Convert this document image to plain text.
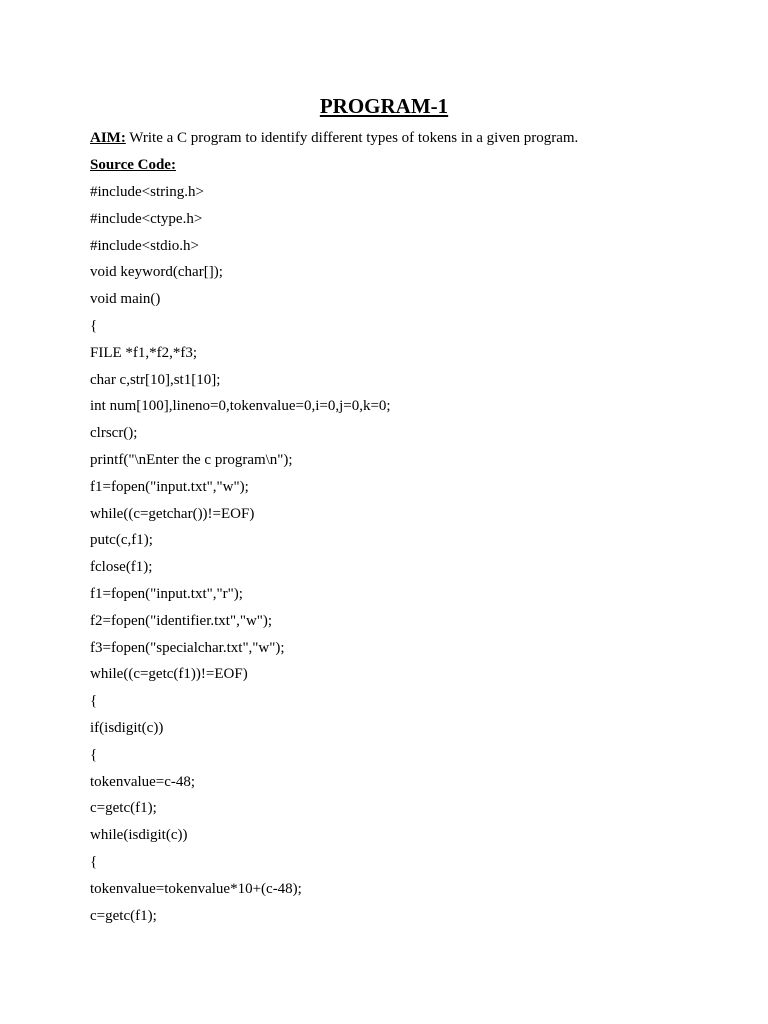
PROGRAM-1
AIM: Write a C program to identify different types of tokens in a given program.
Source Code:
#include<string.h>
#include<ctype.h>
#include<stdio.h>
void keyword(char[]);
void main()
{
FILE *f1,*f2,*f3;
char c,str[10],st1[10];
int num[100],lineno=0,tokenvalue=0,i=0,j=0,k=0;
clrscr();
printf("\nEnter the c program\n");
f1=fopen("input.txt","w");
while((c=getchar())!=EOF)
putc(c,f1);
fclose(f1);
f1=fopen("input.txt","r");
f2=fopen("identifier.txt","w");
f3=fopen("specialchar.txt","w");
while((c=getc(f1))!=EOF)
{
if(isdigit(c))
{
tokenvalue=c-48;
c=getc(f1);
while(isdigit(c))
{
tokenvalue=tokenvalue*10+(c-48);
c=getc(f1);
